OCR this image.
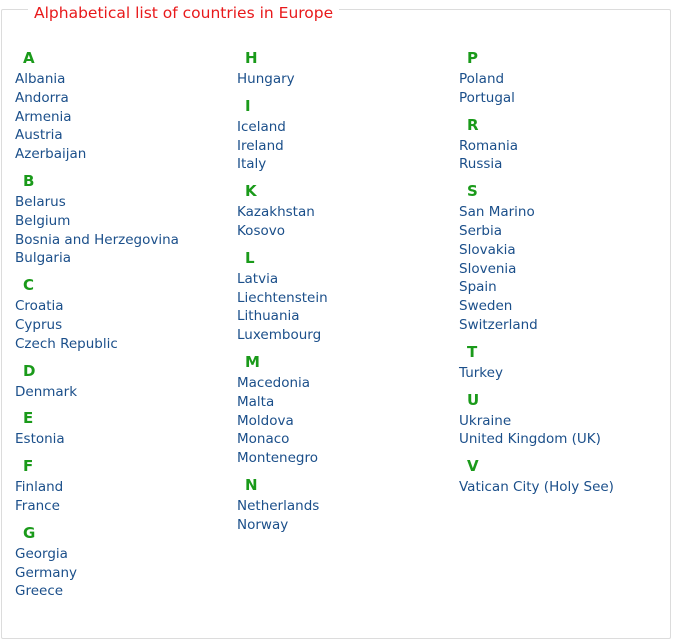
Alphabetical list of countries in Europe
A
Albania
Andorra
Armenia
Austria
Azerbaijan
B
Belarus
Belgium
Bosnia and Herzegovina
Bulgaria
C
Croatia
Cyprus
Czech Republic
D
Denmark
E
Estonia
F
Finland
France
G
Georgia
Germany
Greece
H
Hungary
I
Iceland
Ireland
Italy
K
Kazakhstan
Kosovo
L
Latvia
Liechtenstein
Lithuania
Luxembourg
M
Macedonia
Malta
Moldova
Monaco
Montenegro
N
Netherlands
Norway
P
Poland
Portugal
R
Romania
Russia
S
San Marino
Serbia
Slovakia
Slovenia
Spain
Sweden
Switzerland
T
Turkey
U
Ukraine
United Kingdom (UK)
V
Vatican City (Holy See)
